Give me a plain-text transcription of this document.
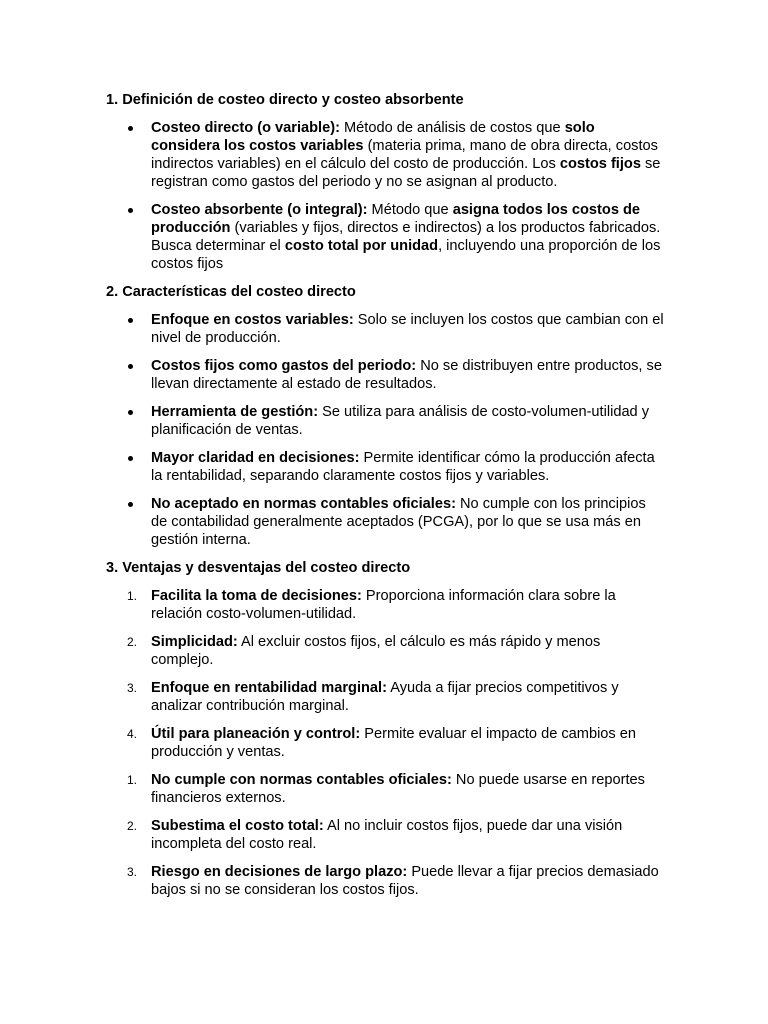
1. Definición de costeo directo y costeo absorbente
Costeo directo (o variable): Método de análisis de costos que solo considera los costos variables (materia prima, mano de obra directa, costos indirectos variables) en el cálculo del costo de producción. Los costos fijos se registran como gastos del periodo y no se asignan al producto.
Costeo absorbente (o integral): Método que asigna todos los costos de producción (variables y fijos, directos e indirectos) a los productos fabricados. Busca determinar el costo total por unidad, incluyendo una proporción de los costos fijos
2. Características del costeo directo
Enfoque en costos variables: Solo se incluyen los costos que cambian con el nivel de producción.
Costos fijos como gastos del periodo: No se distribuyen entre productos, se llevan directamente al estado de resultados.
Herramienta de gestión: Se utiliza para análisis de costo-volumen-utilidad y planificación de ventas.
Mayor claridad en decisiones: Permite identificar cómo la producción afecta la rentabilidad, separando claramente costos fijos y variables.
No aceptado en normas contables oficiales: No cumple con los principios de contabilidad generalmente aceptados (PCGA), por lo que se usa más en gestión interna.
3. Ventajas y desventajas del costeo directo
1. Facilita la toma de decisiones: Proporciona información clara sobre la relación costo-volumen-utilidad.
2. Simplicidad: Al excluir costos fijos, el cálculo es más rápido y menos complejo.
3. Enfoque en rentabilidad marginal: Ayuda a fijar precios competitivos y analizar contribución marginal.
4. Útil para planeación y control: Permite evaluar el impacto de cambios en producción y ventas.
1. No cumple con normas contables oficiales: No puede usarse en reportes financieros externos.
2. Subestima el costo total: Al no incluir costos fijos, puede dar una visión incompleta del costo real.
3. Riesgo en decisiones de largo plazo: Puede llevar a fijar precios demasiado bajos si no se consideran los costos fijos.
